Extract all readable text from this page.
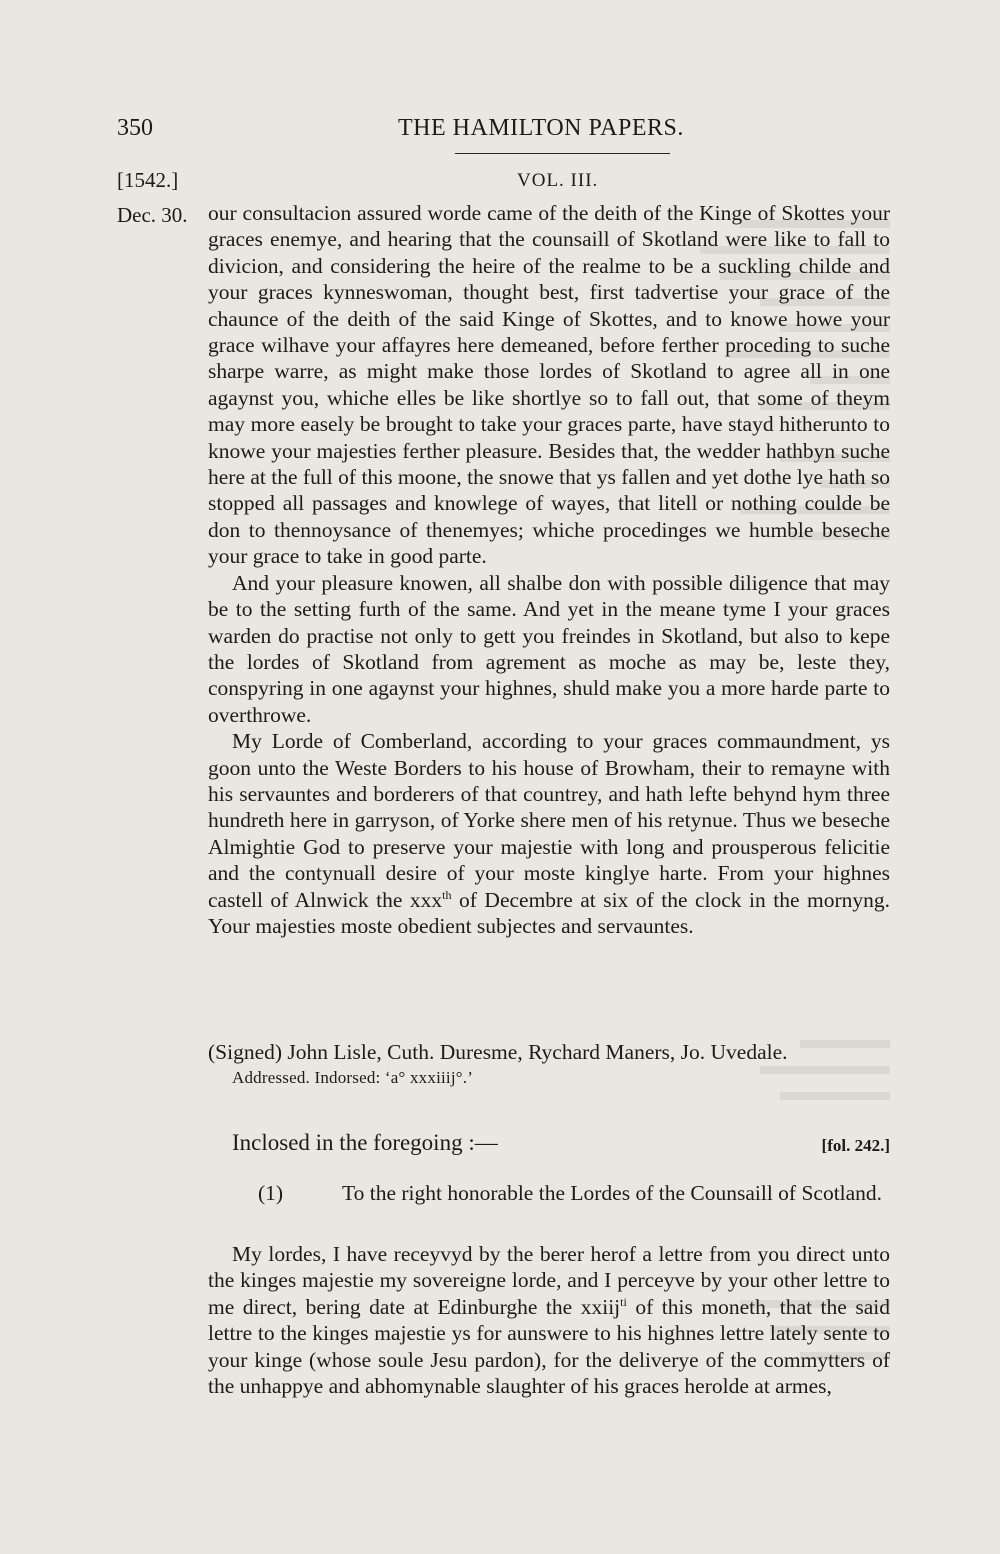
350	THE HAMILTON PAPERS.
[1542.]	VOL. III.
Dec. 30. our consultacion assured worde came of the deith of the Kinge of Skottes your graces enemye, and hearing that the counsaill of Skotland were like to fall to divicion, and considering the heire of the realme to be a suckling childe and your graces kynneswoman, thought best, first tadvertise your grace of the chaunce of the deith of the said Kinge of Skottes, and to knowe howe your grace wilhave your affayres here demeaned, before ferther proceding to suche sharpe warre, as might make those lordes of Skotland to agree all in one agaynst you, whiche elles be like shortlye so to fall out, that some of theym may more easely be brought to take your graces parte, have stayd hitherunto to knowe your majesties ferther pleasure. Besides that, the wedder hathbyn suche here at the full of this moone, the snowe that ys fallen and yet dothe lye hath so stopped all passages and knowlege of wayes, that litell or nothing coulde be don to thennoysance of thenemyes; whiche procedinges we humble beseche your grace to take in good parte.

And your pleasure knowen, all shalbe don with possible diligence that may be to the setting furth of the same. And yet in the meane tyme I your graces warden do practise not only to gett you freindes in Skotland, but also to kepe the lordes of Skotland from agrement as moche as may be, leste they, conspyring in one agaynst your highnes, shuld make you a more harde parte to overthrowe.

My Lorde of Comberland, according to your graces commaundment, ys goon unto the Weste Borders to his house of Browham, their to remayne with his servauntes and borderers of that countrey, and hath lefte behynd hym three hundreth here in garryson, of Yorke shere men of his retynue. Thus we beseche Almightie God to preserve your majestie with long and prousperous felicitie and the contynuall desire of your moste kinglye harte. From your highnes castell of Alnwick the xxx$^{th}$ of Decembre at six of the clock in the mornyng. Your majesties moste obedient subjectes and servauntes.

(Signed) John Lisle, Cuth. Duresme, Rychard Maners, Jo. Uvedale.

Addressed. Indorsed: ‘a° xxxiiij°.’
Inclosed in the foregoing :—	[fol. 242.]
(1)	To the right honorable the Lordes of the Counsaill of Scotland.

My lordes, I have receyvyd by the berer herof a lettre from you direct unto the kinges majestie my sovereigne lorde, and I perceyve by your other lettre to me direct, bering date at Edinburghe the xxiij$^{ti}$ of this moneth, that the said lettre to the kinges majestie ys for aunswere to his highnes lettre lately sente to your kinge (whose soule Jesu pardon), for the deliverye of the commytters of the unhappye and abhomynable slaughter of his graces herolde at armes,
